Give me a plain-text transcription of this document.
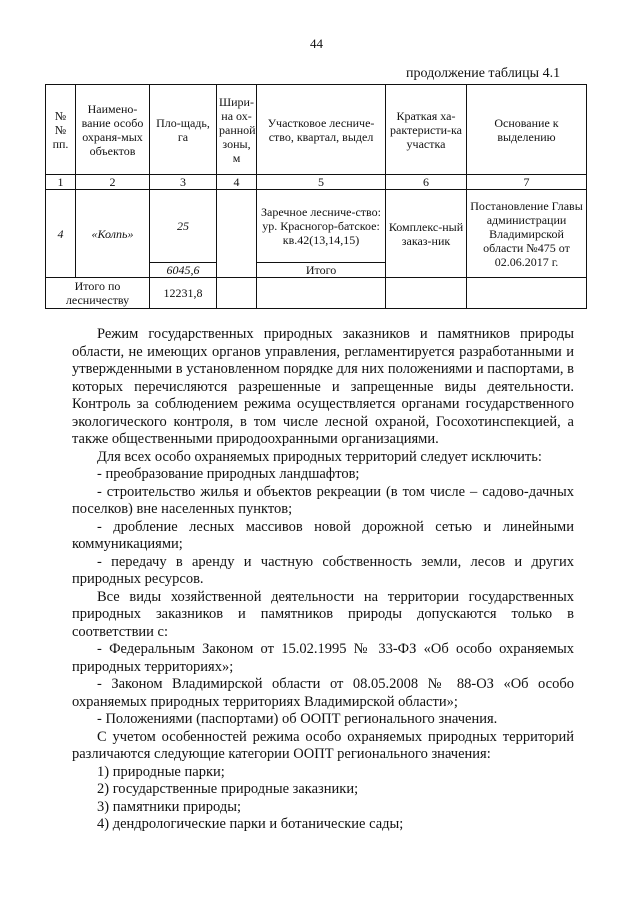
44
продолжение таблицы 4.1
№ № пп.	Наимено-вание особо охраня-мых объектов	Пло-щадь, га	Шири-на ох-ранной зоны, м	Участковое лесниче-ство, квартал, выдел	Краткая ха-рактеристи-ка участка	Основание к выделению
1	2	3	4	5	6	7
4	«Колпь»	25		Заречное лесниче-ство: ур. Красногор-батское: кв.42(13,14,15)	Комплекс-ный заказ-ник	Постановление Главы администрации Владимирской области №475 от 02.06.2017 г.
		6045,6		Итого		
Итого по лесничеству		12231,8				

Режим государственных природных заказников и памятников природы области, не имеющих органов управления, регламентируется разработанными и утвержденными в установленном порядке для них положениями и паспортами, в которых перечисляются разрешенные и запрещенные виды деятельности. Контроль за соблюдением режима осуществляется органами государственного экологического контроля, в том числе лесной охраной, Госохотинспекцией, а также общественными природоохранными организациями.

Для всех особо охраняемых природных территорий следует исключить:

- преобразование природных ландшафтов;

- строительство жилья и объектов рекреации (в том числе – садово-дачных поселков) вне населенных пунктов;

- дробление лесных массивов новой дорожной сетью и линейными коммуникациями;

- передачу в аренду и частную собственность земли, лесов и других природных ресурсов.

Все виды хозяйственной деятельности на территории государственных природных заказников и памятников природы допускаются только в соответствии с:

- Федеральным Законом от 15.02.1995 № 33-ФЗ «Об особо охраняемых природных территориях»;

- Законом Владимирской области от 08.05.2008 № 88-ОЗ «Об особо охраняемых природных территориях Владимирской области»;

- Положениями (паспортами) об ООПТ регионального значения.

С учетом особенностей режима особо охраняемых природных территорий различаются следующие категории ООПТ регионального значения:

1) природные парки;

2) государственные природные заказники;

3) памятники природы;

4) дендрологические парки и ботанические сады;
